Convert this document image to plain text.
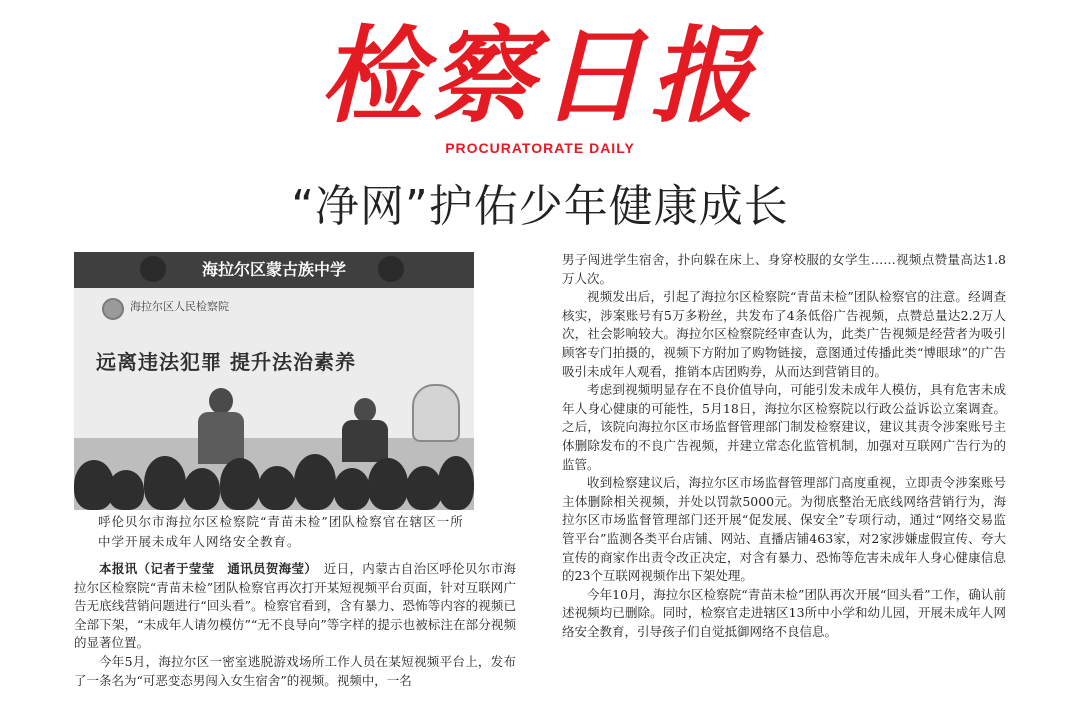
检察日报
PROCURATORATE DAILY
“净网”护佑少年健康成长
海拉尔区蒙古族中学
海拉尔区人民检察院
远离违法犯罪 提升法治素养
呼伦贝尔市海拉尔区检察院“青苗未检”团队检察官在辖区一所中学开展未成年人网络安全教育。

本报讯（记者于莹莹　通讯员贺海莹）　 近日，内蒙古自治区呼伦贝尔市海拉尔区检察院“青苗未检”团队检察官再次打开某短视频平台页面，针对互联网广告无底线营销问题进行“回头看”。检察官看到，含有暴力、恐怖等内容的视频已全部下架，“未成年人请勿模仿”“无不良导向”等字样的提示也被标注在部分视频的显著位置。

今年5月，海拉尔区一密室逃脱游戏场所工作人员在某短视频平台上，发布了一条名为“可恶变态男闯入女生宿舍”的视频。视频中，一名

男子闯进学生宿舍，扑向躲在床上、身穿校服的女学生……视频点赞量高达1.8万人次。

视频发出后，引起了海拉尔区检察院“青苗未检”团队检察官的注意。经调查核实，涉案账号有5万多粉丝，共发布了4条低俗广告视频，点赞总量达2.2万人次，社会影响较大。海拉尔区检察院经审查认为，此类广告视频是经营者为吸引顾客专门拍摄的，视频下方附加了购物链接，意图通过传播此类“博眼球”的广告吸引未成年人观看，推销本店团购券，从而达到营销目的。

考虑到视频明显存在不良价值导向，可能引发未成年人模仿，具有危害未成年人身心健康的可能性，5月18日，海拉尔区检察院以行政公益诉讼立案调查。之后，该院向海拉尔区市场监督管理部门制发检察建议，建议其责令涉案账号主体删除发布的不良广告视频，并建立常态化监管机制，加强对互联网广告行为的监管。

收到检察建议后，海拉尔区市场监督管理部门高度重视，立即责令涉案账号主体删除相关视频，并处以罚款5000元。为彻底整治无底线网络营销行为，海拉尔区市场监督管理部门还开展“促发展、保安全”专项行动，通过“网络交易监管平台”监测各类平台店铺、网站、直播店铺463家，对2家涉嫌虚假宣传、夸大宣传的商家作出责令改正决定，对含有暴力、恐怖等危害未成年人身心健康信息的23个互联网视频作出下架处理。

今年10月，海拉尔区检察院“青苗未检”团队再次开展“回头看”工作，确认前述视频均已删除。同时，检察官走进辖区13所中小学和幼儿园，开展未成年人网络安全教育，引导孩子们自觉抵御网络不良信息。
